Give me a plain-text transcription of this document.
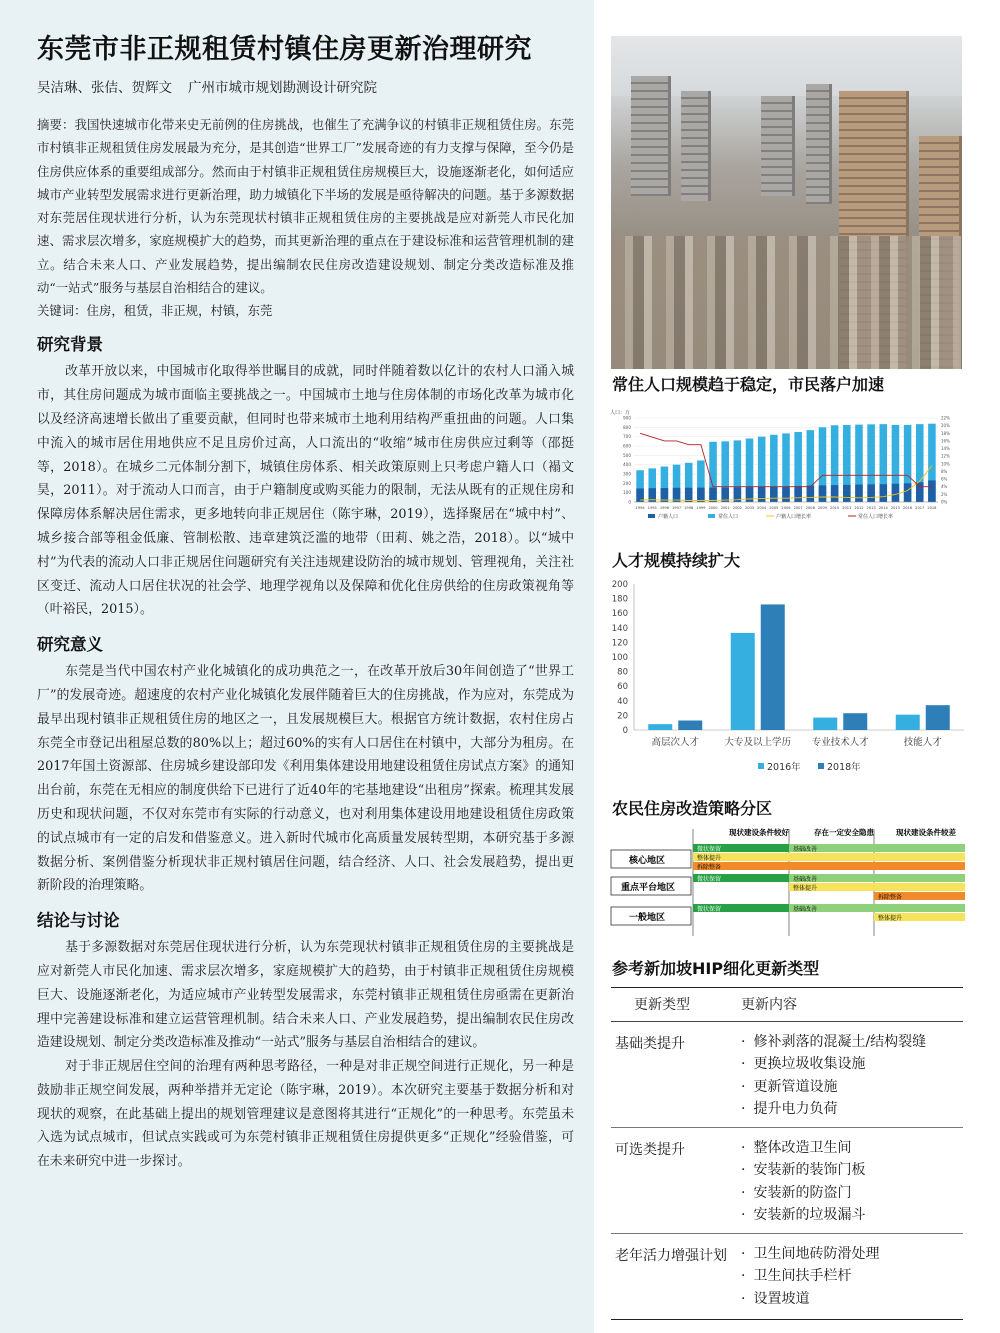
东莞市非正规租赁村镇住房更新治理研究
吴洁琳、张佶、贺辉文 广州市城市规划勘测设计研究院

摘要：我国快速城市化带来史无前例的住房挑战，也催生了充满争议的村镇非正规租赁住房。东莞市村镇非正规租赁住房发展最为充分，是其创造“世界工厂”发展奇迹的有力支撑与保障，至今仍是住房供应体系的重要组成部分。然而由于村镇非正规租赁住房规模巨大，设施逐渐老化，如何适应城市产业转型发展需求进行更新治理，助力城镇化下半场的发展是亟待解决的问题。基于多源数据对东莞居住现状进行分析，认为东莞现状村镇非正规租赁住房的主要挑战是应对新莞人市民化加速、需求层次增多，家庭规模扩大的趋势，而其更新治理的重点在于建设标准和运营管理机制的建立。结合未来人口、产业发展趋势，提出编制农民住房改造建设规划、制定分类改造标准及推动“一站式”服务与基层自治相结合的建议。

关键词：住房，租赁，非正规，村镇，东莞

研究背景

改革开放以来，中国城市化取得举世瞩目的成就，同时伴随着数以亿计的农村人口涌入城市，其住房问题成为城市面临主要挑战之一。中国城市土地与住房体制的市场化改革为城市化以及经济高速增长做出了重要贡献，但同时也带来城市土地利用结构严重扭曲的问题。人口集中流入的城市居住用地供应不足且房价过高，人口流出的“收缩”城市住房供应过剩等（邵挺等，2018）。在城乡二元体制分割下，城镇住房体系、相关政策原则上只考虑户籍人口（褟文昊，2011）。对于流动人口而言，由于户籍制度或购买能力的限制，无法从既有的正规住房和保障房体系解决居住需求，更多地转向非正规居住（陈宇琳，2019），选择聚居在“城中村”、城乡接合部等租金低廉、管制松散、违章建筑泛滥的地带（田莉、姚之浩，2018）。以“城中村”为代表的流动人口非正规居住问题研究有关注违规建设防治的城市规划、管理视角，关注社区变迁、流动人口居住状况的社会学、地理学视角以及保障和优化住房供给的住房政策视角等（叶裕民，2015）。

研究意义

东莞是当代中国农村产业化城镇化的成功典范之一，在改革开放后30年间创造了“世界工厂”的发展奇迹。超速度的农村产业化城镇化发展伴随着巨大的住房挑战，作为应对，东莞成为最早出现村镇非正规租赁住房的地区之一，且发展规模巨大。根据官方统计数据，农村住房占东莞全市登记出租屋总数的80%以上；超过60%的实有人口居住在村镇中，大部分为租房。在2017年国土资源部、住房城乡建设部印发《利用集体建设用地建设租赁住房试点方案》的通知出台前，东莞在无相应的制度供给下已进行了近40年的宅基地建设“出租房”探索。梳理其发展历史和现状问题，不仅对东莞市有实际的行动意义，也对利用集体建设用地建设租赁住房政策的试点城市有一定的启发和借鉴意义。进入新时代城市化高质量发展转型期，本研究基于多源数据分析、案例借鉴分析现状非正规村镇居住问题，结合经济、人口、社会发展趋势，提出更新阶段的治理策略。

结论与讨论

基于多源数据对东莞居住现状进行分析，认为东莞现状村镇非正规租赁住房的主要挑战是应对新莞人市民化加速、需求层次增多，家庭规模扩大的趋势，由于村镇非正规租赁住房规模巨大、设施逐渐老化，为适应城市产业转型发展需求，东莞村镇非正规租赁住房亟需在更新治理中完善建设标准和建立运营管理机制。结合未来人口、产业发展趋势，提出编制农民住房改造建设规划、制定分类改造标准及推动“一站式”服务与基层自治相结合的建议。

对于非正规居住空间的治理有两种思考路径，一种是对非正规空间进行正规化，另一种是鼓励非正规空间发展，两种举措并无定论（陈宇琳，2019）。本次研究主要基于数据分析和对现状的观察，在此基础上提出的规划管理建议是意图将其进行“正规化”的一种思考。东莞虽未入选为试点城市，但试点实践或可为东莞村镇非正规租赁住房提供更多“正规化”经验借鉴，可在未来研究中进一步探讨。

常住人口规模趋于稳定，市民落户加速
人口：万
0
100
200
300
400
500
600
700
800
900
0%
2%
4%
6%
8%
10%
12%
14%
16%
18%
20%
22%
1994 1995 1996 1997 1998 1999 2000 2001 2002 2003 2004 2005 2006 2007 2008 2009 2010 2011 2012 2013 2014 2015 2016 2017 2018
户籍人口	常住人口	户籍人口增长率	常住人口增长率
人才规模持续扩大
0
20
40
60
80
100
120
140
160
180
200
高层次人才	大专及以上学历 专业技术人才	技能人才
2016年	2018年
农民住房改造策略分区
现状建设条件较好	存在一定安全隐患	现状建设条件较差
核心地区
重点平台地区
一般地区
微状保留	基础改善
整体提升
拆除整备
微状保留	基础改善
整体提升
拆除整备
微状保留	基础改善
整体提升
参考新加坡HIP细化更新类型
更新类型	更新内容
基础类提升	· 修补剥落的混凝土/结构裂缝
· 更换垃圾收集设施
· 更新管道设施
· 提升电力负荷

可选类提升	· 整体改造卫生间
· 安装新的装饰门板
· 安装新的防盗门
· 安装新的垃圾漏斗

老年活力增强计划	· 卫生间地砖防滑处理
· 卫生间扶手栏杆
· 设置坡道
